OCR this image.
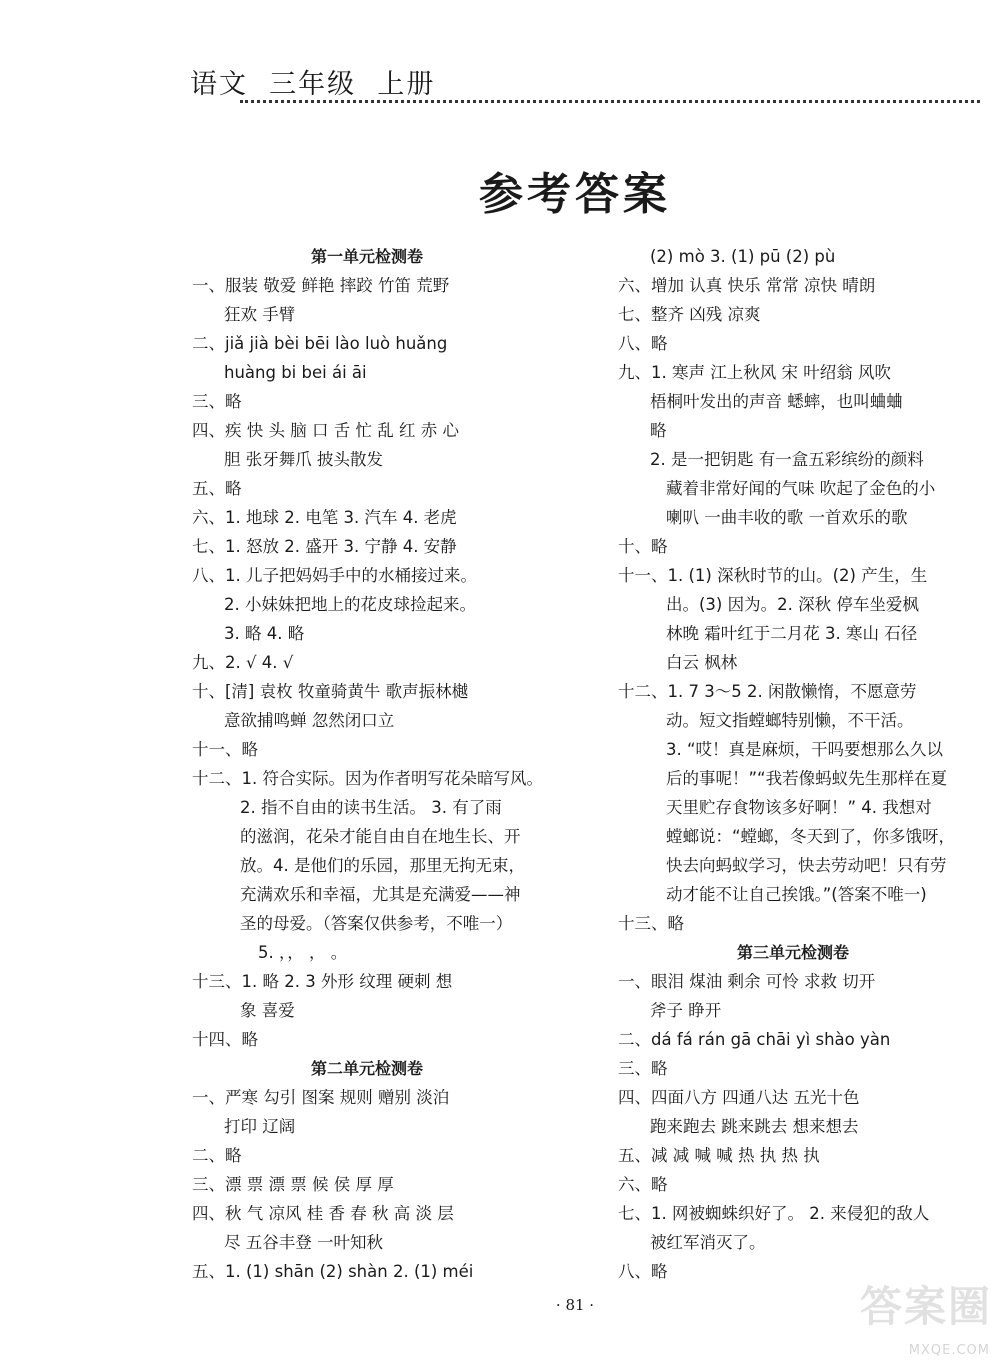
语文  三年级  上册
参考答案
第一单元检测卷
一、服装 敬爱 鲜艳 摔跤 竹笛 荒野
狂欢 手臂
二、jiǎ jià bèi bēi lào luò huǎng
huàng bi bei ái āi
三、略
四、疾 快 头 脑 口 舌 忙 乱 红 赤 心
胆 张牙舞爪 披头散发
五、略
六、1. 地球 2. 电笔 3. 汽车 4. 老虎
七、1. 怒放 2. 盛开 3. 宁静 4. 安静
八、1. 儿子把妈妈手中的水桶接过来。
2. 小妹妹把地上的花皮球捡起来。
3. 略 4. 略
九、2. √ 4. √
十、[清] 袁枚 牧童骑黄牛 歌声振林樾
意欲捕鸣蝉 忽然闭口立
十一、略
十二、1. 符合实际。因为作者明写花朵暗写风。
2. 指不自由的读书生活。 3. 有了雨
的滋润，花朵才能自由自在地生长、开
放。4. 是他们的乐园，那里无拘无束，
充满欢乐和幸福，尤其是充满爱——神
圣的母爱。（答案仅供参考，不唯一）
5. ，， ， 。
十三、1. 略 2. 3 外形 纹理 硬刺 想
象 喜爱
十四、略
第二单元检测卷
一、严寒 勾引 图案 规则 赠别 淡泊
打印 辽阔
二、略
三、漂 票 漂 票 候 侯 厚 厚
四、秋 气 凉风 桂 香 春 秋 高 淡 层
尽 五谷丰登 一叶知秋
五、1. (1) shān (2) shàn 2. (1) méi
(2) mò 3. (1) pū (2) pù
六、增加 认真 快乐 常常 凉快 晴朗
七、整齐 凶残 凉爽
八、略
九、1. 寒声 江上秋风 宋 叶绍翁 风吹
梧桐叶发出的声音 蟋蟀，也叫蛐蛐
略
2. 是一把钥匙 有一盒五彩缤纷的颜料
藏着非常好闻的气味 吹起了金色的小
喇叭 一曲丰收的歌 一首欢乐的歌
十、略
十一、1. (1) 深秋时节的山。(2) 产生，生
出。(3) 因为。2. 深秋 停车坐爱枫
林晚 霜叶红于二月花 3. 寒山 石径
白云 枫林
十二、1. 7 3～5 2. 闲散懒惰，不愿意劳
动。短文指螳螂特别懒，不干活。
3. “哎！真是麻烦，干吗要想那么久以
后的事呢！”“我若像蚂蚁先生那样在夏
天里贮存食物该多好啊！” 4. 我想对
螳螂说：“螳螂，冬天到了，你多饿呀，
快去向蚂蚁学习，快去劳动吧！只有劳
动才能不让自己挨饿。”(答案不唯一)
十三、略
第三单元检测卷
一、眼泪 煤油 剩余 可怜 求救 切开
斧子 睁开
二、dá fá rán gā chāi yì shào yàn
三、略
四、四面八方 四通八达 五光十色
跑来跑去 跳来跳去 想来想去
五、减 减 喊 喊 热 执 热 执
六、略
七、1. 网被蜘蛛织好了。 2. 来侵犯的敌人
被红军消灭了。
八、略
· 81 ·	答案圈
MXQE.COM
